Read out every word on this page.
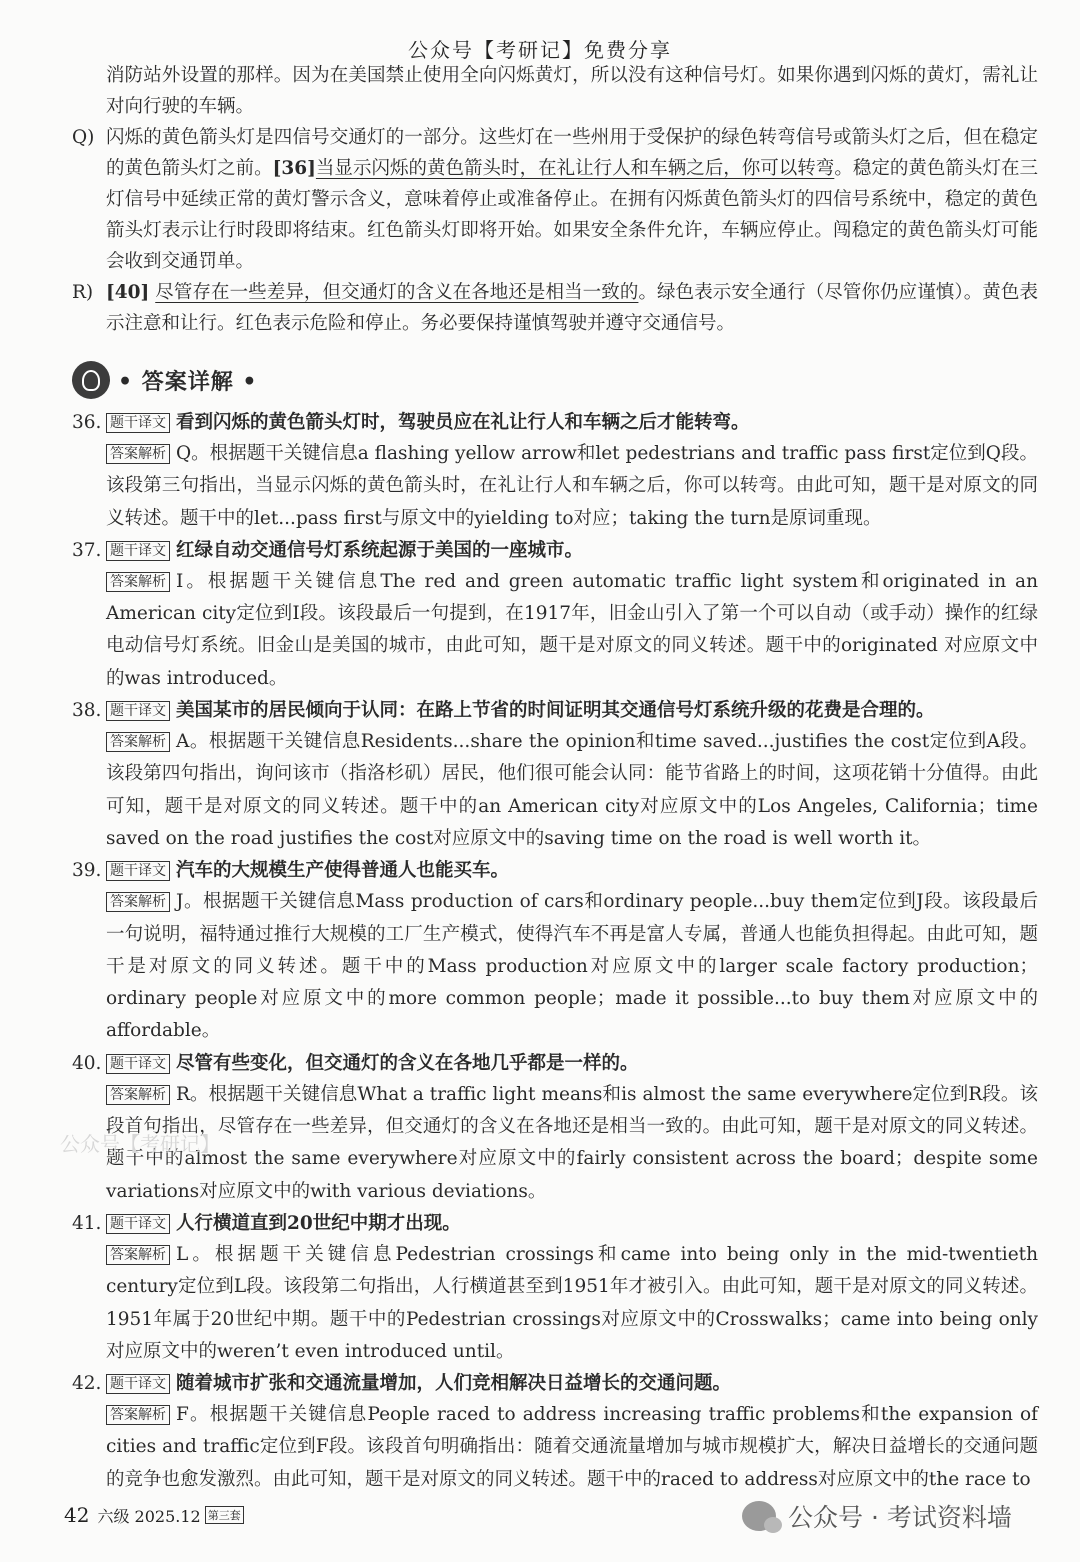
公众号【考研记】免费分享

消防站外设置的那样。因为在美国禁止使用全向闪烁黄灯，所以没有这种信号灯。如果你遇到闪烁的黄灯，需礼让对向行驶的车辆。

Q) 闪烁的黄色箭头灯是四信号交通灯的一部分。这些灯在一些州用于受保护的绿色转弯信号或箭头灯之后，但在稳定的黄色箭头灯之前。[36]当显示闪烁的黄色箭头时，在礼让行人和车辆之后，你可以转弯。稳定的黄色箭头灯在三灯信号中延续正常的黄灯警示含义，意味着停止或准备停止。在拥有闪烁黄色箭头灯的四信号系统中，稳定的黄色箭头灯表示让行时段即将结束。红色箭头灯即将开始。如果安全条件允许，车辆应停止。闯稳定的黄色箭头灯可能会收到交通罚单。

R) [40] 尽管存在一些差异，但交通灯的含义在各地还是相当一致的。绿色表示安全通行（尽管你仍应谨慎）。黄色表示注意和让行。红色表示危险和停止。务必要保持谨慎驾驶并遵守交通信号。

• 答案详解 •
36. 题干译文 看到闪烁的黄色箭头灯时，驾驶员应在礼让行人和车辆之后才能转弯。

答案解析 Q。根据题干关键信息a flashing yellow arrow和let pedestrians and traffic pass first定位到Q段。该段第三句指出，当显示闪烁的黄色箭头时，在礼让行人和车辆之后，你可以转弯。由此可知，题干是对原文的同义转述。题干中的let...pass first与原文中的yielding to对应；taking the turn是原词重现。

37. 题干译文 红绿自动交通信号灯系统起源于美国的一座城市。

答案解析 I。根据题干关键信息The red and green automatic traffic light system和originated in an American city定位到I段。该段最后一句提到，在1917年，旧金山引入了第一个可以自动（或手动）操作的红绿电动信号灯系统。旧金山是美国的城市，由此可知，题干是对原文的同义转述。题干中的originated 对应原文中的was introduced。

38. 题干译文 美国某市的居民倾向于认同：在路上节省的时间证明其交通信号灯系统升级的花费是合理的。

答案解析 A。根据题干关键信息Residents...share the opinion和time saved...justifies the cost定位到A段。该段第四句指出，询问该市（指洛杉矶）居民，他们很可能会认同：能节省路上的时间，这项花销十分值得。由此可知，题干是对原文的同义转述。题干中的an American city对应原文中的Los Angeles, California；time saved on the road justifies the cost对应原文中的saving time on the road is well worth it。

39. 题干译文 汽车的大规模生产使得普通人也能买车。

答案解析 J。根据题干关键信息Mass production of cars和ordinary people...buy them定位到J段。该段最后一句说明，福特通过推行大规模的工厂生产模式，使得汽车不再是富人专属，普通人也能负担得起。由此可知，题干是对原文的同义转述。题干中的Mass production对应原文中的larger scale factory production；ordinary people对应原文中的more common people；made it possible...to buy them对应原文中的affordable。

40. 题干译文 尽管有些变化，但交通灯的含义在各地几乎都是一样的。

答案解析 R。根据题干关键信息What a traffic light means和is almost the same everywhere定位到R段。该段首句指出，尽管存在一些差异，但交通灯的含义在各地还是相当一致的。由此可知，题干是对原文的同义转述。题干中的almost the same everywhere对应原文中的fairly consistent across the board；despite some variations对应原文中的with various deviations。

41. 题干译文 人行横道直到20世纪中期才出现。

答案解析 L。根据题干关键信息Pedestrian crossings和came into being only in the mid-twentieth century定位到L段。该段第二句指出，人行横道甚至到1951年才被引入。由此可知，题干是对原文的同义转述。1951年属于20世纪中期。题干中的Pedestrian crossings对应原文中的Crosswalks；came into being only对应原文中的weren’t even introduced until。

42. 题干译文 随着城市扩张和交通流量增加，人们竞相解决日益增长的交通问题。

答案解析 F。根据题干关键信息People raced to address increasing traffic problems和the expansion of cities and traffic定位到F段。该段首句明确指出：随着交通流量增加与城市规模扩大，解决日益增长的交通问题的竞争也愈发激烈。由此可知，题干是对原文的同义转述。题干中的raced to address对应原文中的the race to

公众号【考研记】
42 六级 2025.12 第三套	公众号 · 考试资料墙
